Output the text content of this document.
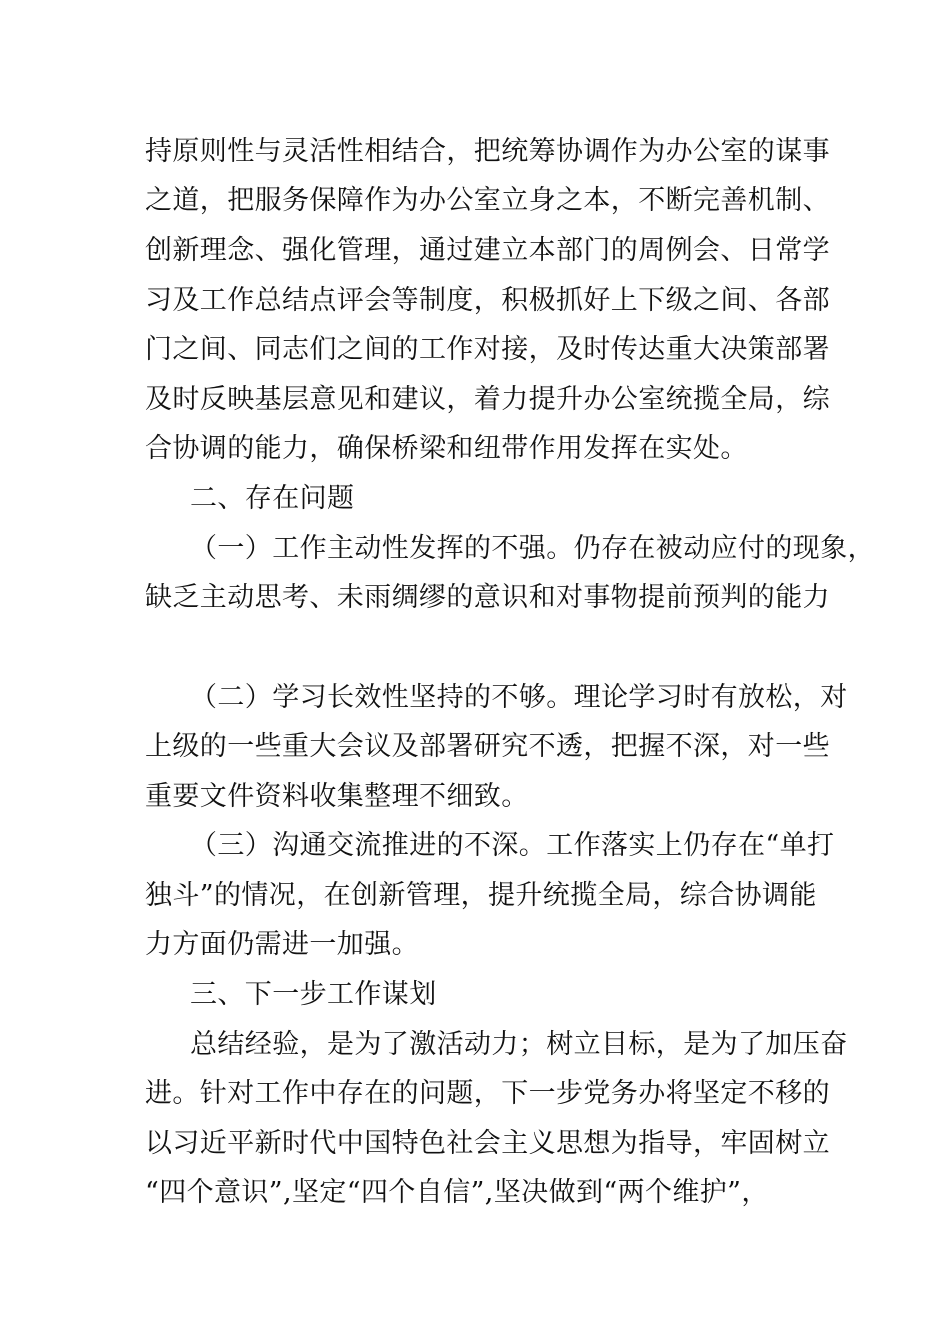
持原则性与灵活性相结合，把统筹协调作为办公室的谋事
之道，把服务保障作为办公室立身之本，不断完善机制、
创新理念、强化管理，通过建立本部门的周例会、日常学
习及工作总结点评会等制度，积极抓好上下级之间、各部
门之间、同志们之间的工作对接，及时传达重大决策部署
及时反映基层意见和建议，着力提升办公室统揽全局，综
合协调的能力，确保桥梁和纽带作用发挥在实处。
二、存在问题
（一）工作主动性发挥的不强。仍存在被动应付的现象，
缺乏主动思考、未雨绸缪的意识和对事物提前预判的能力
（二）学习长效性坚持的不够。理论学习时有放松，对
上级的一些重大会议及部署研究不透，把握不深，对一些
重要文件资料收集整理不细致。
（三）沟通交流推进的不深。工作落实上仍存在“单打
独斗”的情况，在创新管理，提升统揽全局，综合协调能
力方面仍需进一加强。
三、下一步工作谋划
总结经验，是为了激活动力；树立目标，是为了加压奋
进。针对工作中存在的问题，下一步党务办将坚定不移的
以习近平新时代中国特色社会主义思想为指导，牢固树立
“四个意识”,坚定“四个自信”,坚决做到“两个维护”，
